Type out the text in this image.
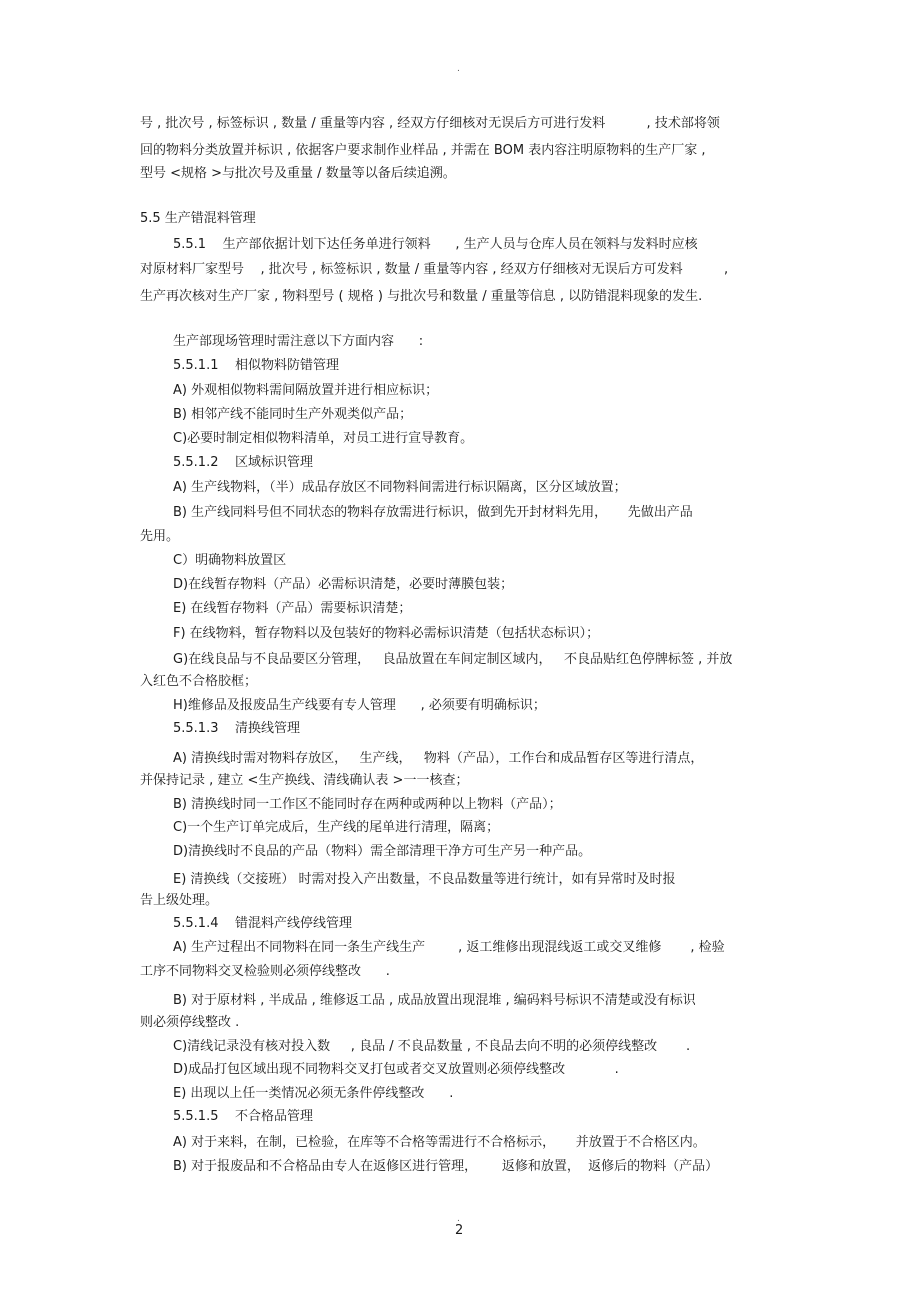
.
号 , 批次号 , 标签标识 , 数量 / 重量等内容 , 经双方仔细核对无误后方可进行发料          , 技术部将领
回的物料分类放置并标识 , 依据客户要求制作业样品 , 并需在 BOM 表内容注明原物料的生产厂家 ,
型号 <规格 >与批次号及重量 / 数量等以备后续追溯。
5.5 生产错混料管理
5.5.1    生产部依据计划下达任务单进行领料      , 生产人员与仓库人员在领料与发料时应核
对原材料厂家型号    , 批次号 , 标签标识 , 数量 / 重量等内容 , 经双方仔细核对无误后方可发料          ,
生产再次核对生产厂家 , 物料型号 ( 规格 ) 与批次号和数量 / 重量等信息 , 以防错混料现象的发生.
生产部现场管理时需注意以下方面内容      :
5.5.1.1    相似物料防错管理
A) 外观相似物料需间隔放置并进行相应标识；
B) 相邻产线不能同时生产外观类似产品；
C)必要时制定相似物料清单，对员工进行宣导教育。
5.5.1.2    区域标识管理
A) 生产线物料，（半）成品存放区不同物料间需进行标识隔离，区分区域放置；
B) 生产线同料号但不同状态的物料存放需进行标识，做到先开封材料先用，     先做出产品
先用。
C）明确物料放置区
D)在线暂存物料（产品）必需标识清楚，必要时薄膜包装；
E) 在线暂存物料（产品）需要标识清楚；
F) 在线物料，暂存物料以及包装好的物料必需标识清楚（包括状态标识）；
G)在线良品与不良品要区分管理，   良品放置在车间定制区域内，   不良品贴红色停牌标签 , 并放
入红色不合格胶框；
H)维修品及报废品生产线要有专人管理      , 必须要有明确标识；
5.5.1.3    清换线管理
A) 清换线时需对物料存放区，   生产线，   物料（产品），工作台和成品暂存区等进行清点，
并保持记录 , 建立 <生产换线、清线确认表 >一一核查；
B) 清换线时同一工作区不能同时存在两种或两种以上物料（产品）；
C)一个生产订单完成后，生产线的尾单进行清理，隔离；
D)清换线时不良品的产品（物料）需全部清理干净方可生产另一种产品。
E) 清换线（交接班） 时需对投入产出数量，不良品数量等进行统计，如有异常时及时报
告上级处理。
5.5.1.4    错混料产线停线管理
A) 生产过程出不同物料在同一条生产线生产        , 返工维修出现混线返工或交叉维修       , 检验
工序不同物料交叉检验则必须停线整改      .
B) 对于原材料 , 半成品 , 维修返工品 , 成品放置出现混堆 , 编码料号标识不清楚或没有标识
则必须停线整改 .
C)清线记录没有核对投入数     , 良品 / 不良品数量 , 不良品去向不明的必须停线整改       .
D)成品打包区域出现不同物料交叉打包或者交叉放置则必须停线整改            .
E) 出现以上任一类情况必须无条件停线整改      .
5.5.1.5    不合格品管理
A) 对于来料，在制，已检验，在库等不合格等需进行不合格标示，     并放置于不合格区内。
B) 对于报废品和不合格品由专人在返修区进行管理，      返修和放置，  返修后的物料（产品）
.
2
